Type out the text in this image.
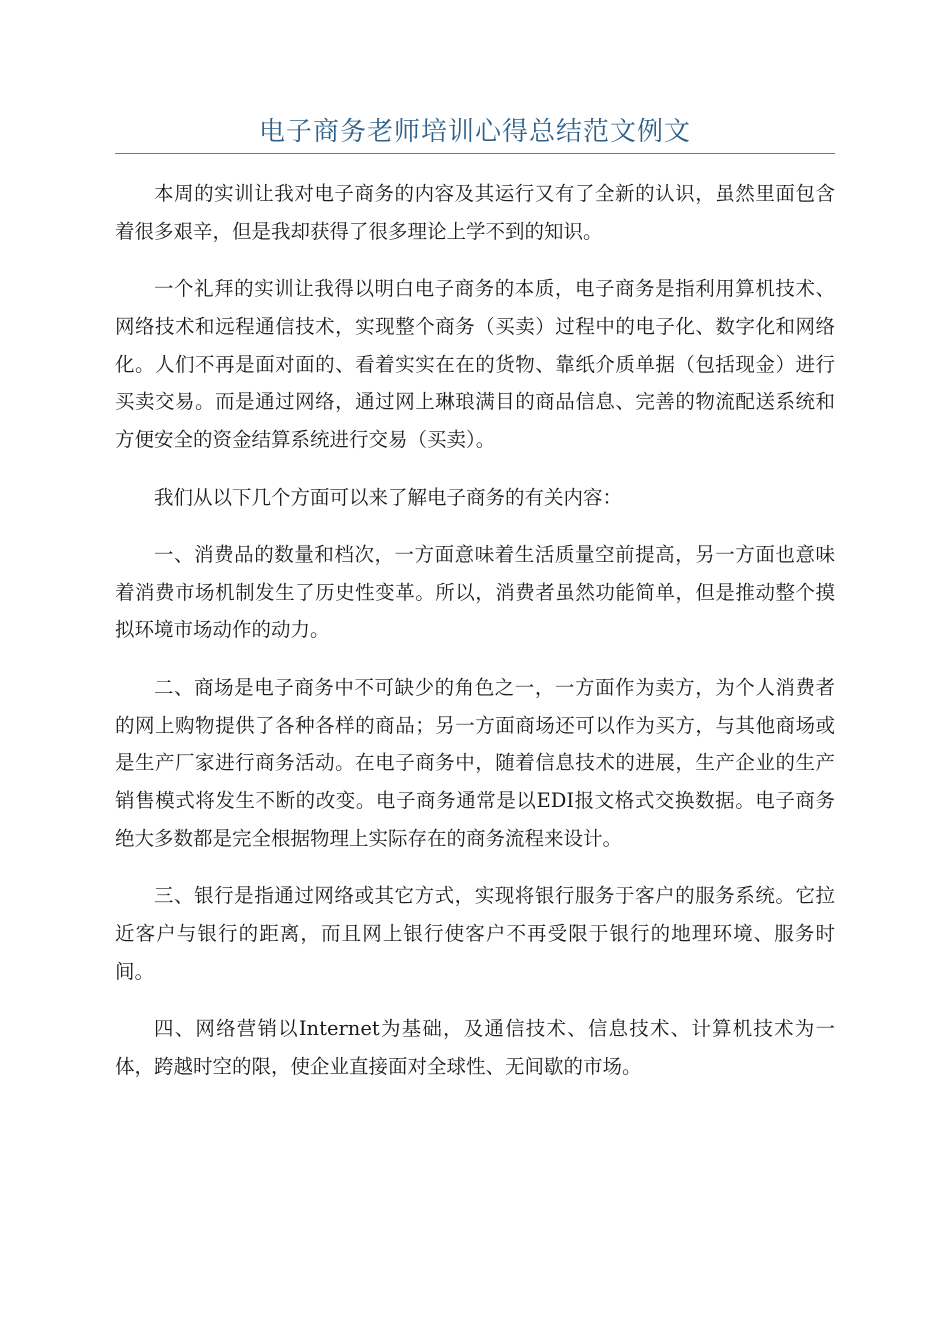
电子商务老师培训心得总结范文例文

本周的实训让我对电子商务的内容及其运行又有了全新的认识，虽然里面包含着很多艰辛，但是我却获得了很多理论上学不到的知识。

一个礼拜的实训让我得以明白电子商务的本质，电子商务是指利用算机技术、网络技术和远程通信技术，实现整个商务（买卖）过程中的电子化、数字化和网络化。人们不再是面对面的、看着实实在在的货物、靠纸介质单据（包括现金）进行买卖交易。而是通过网络，通过网上琳琅满目的商品信息、完善的物流配送系统和方便安全的资金结算系统进行交易（买卖）。

我们从以下几个方面可以来了解电子商务的有关内容：

一、消费品的数量和档次，一方面意味着生活质量空前提高，另一方面也意味着消费市场机制发生了历史性变革。所以，消费者虽然功能简单，但是推动整个摸拟环境市场动作的动力。

二、商场是电子商务中不可缺少的角色之一，一方面作为卖方，为个人消费者的网上购物提供了各种各样的商品；另一方面商场还可以作为买方，与其他商场或是生产厂家进行商务活动。在电子商务中，随着信息技术的进展，生产企业的生产销售模式将发生不断的改变。电子商务通常是以EDI报文格式交换数据。电子商务绝大多数都是完全根据物理上实际存在的商务流程来设计。

三、银行是指通过网络或其它方式，实现将银行服务于客户的服务系统。它拉近客户与银行的距离，而且网上银行使客户不再受限于银行的地理环境、服务时间。

四、网络营销以Internet为基础，及通信技术、信息技术、计算机技术为一体，跨越时空的限，使企业直接面对全球性、无间歇的市场。
